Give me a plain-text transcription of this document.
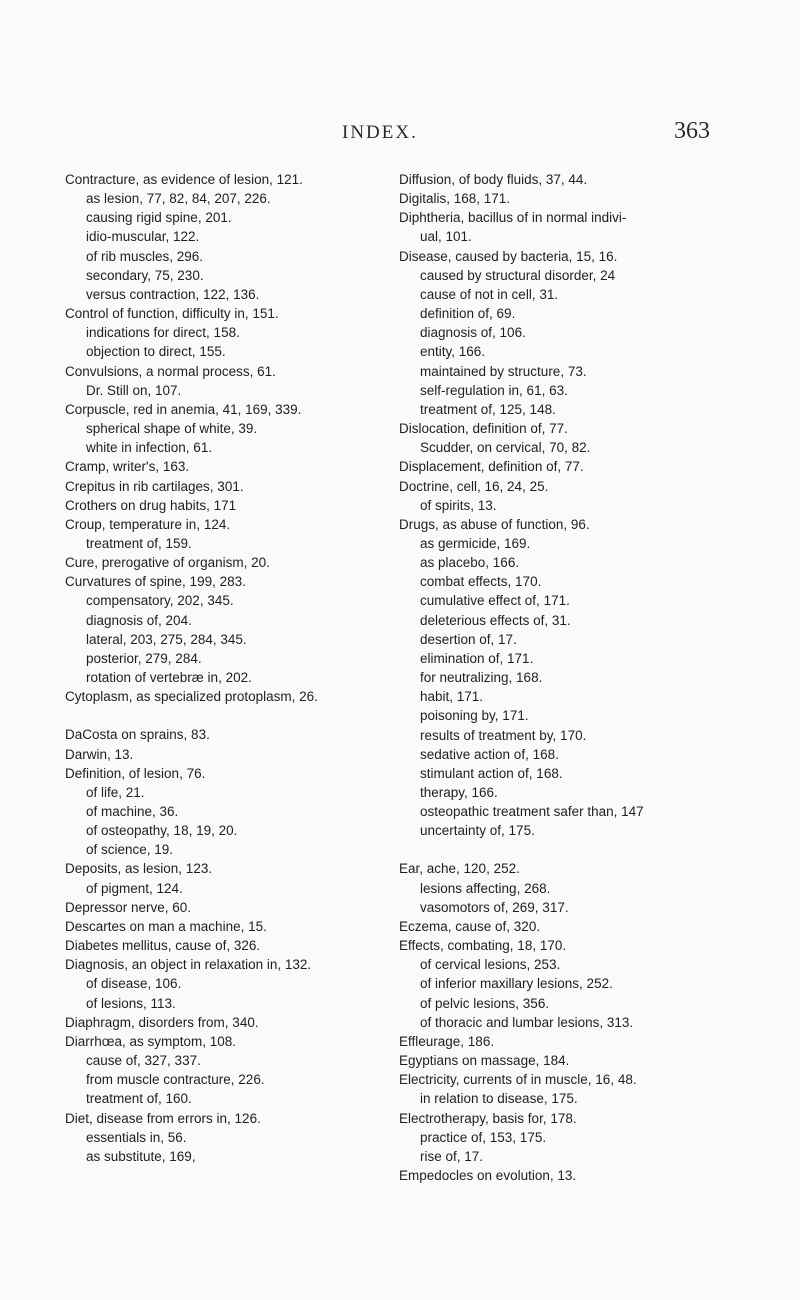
INDEX.	363
Contracture, as evidence of lesion, 121.
as lesion, 77, 82, 84, 207, 226.
causing rigid spine, 201.
idio-muscular, 122.
of rib muscles, 296.
secondary, 75, 230.
versus contraction, 122, 136.
Control of function, difficulty in, 151.
indications for direct, 158.
objection to direct, 155.
Convulsions, a normal process, 61.
Dr. Still on, 107.
Corpuscle, red in anemia, 41, 169, 339.
spherical shape of white, 39.
white in infection, 61.
Cramp, writer's, 163.
Crepitus in rib cartilages, 301.
Crothers on drug habits, 171
Croup, temperature in, 124.
treatment of, 159.
Cure, prerogative of organism, 20.
Curvatures of spine, 199, 283.
compensatory, 202, 345.
diagnosis of, 204.
lateral, 203, 275, 284, 345.
posterior, 279, 284.
rotation of vertebræ in, 202.
Cytoplasm, as specialized protoplasm, 26.
DaCosta on sprains, 83.
Darwin, 13.
Definition, of lesion, 76.
of life, 21.
of machine, 36.
of osteopathy, 18, 19, 20.
of science, 19.
Deposits, as lesion, 123.
of pigment, 124.
Depressor nerve, 60.
Descartes on man a machine, 15.
Diabetes mellitus, cause of, 326.
Diagnosis, an object in relaxation in, 132.
of disease, 106.
of lesions, 113.
Diaphragm, disorders from, 340.
Diarrhœa, as symptom, 108.
cause of, 327, 337.
from muscle contracture, 226.
treatment of, 160.
Diet, disease from errors in, 126.
essentials in, 56.
as substitute, 169,
Diffusion, of body fluids, 37, 44.
Digitalis, 168, 171.
Diphtheria, bacillus of in normal indivi-
ual, 101.
Disease, caused by bacteria, 15, 16.
caused by structural disorder, 24
cause of not in cell, 31.
definition of, 69.
diagnosis of, 106.
entity, 166.
maintained by structure, 73.
self-regulation in, 61, 63.
treatment of, 125, 148.
Dislocation, definition of, 77.
Scudder, on cervical, 70, 82.
Displacement, definition of, 77.
Doctrine, cell, 16, 24, 25.
of spirits, 13.
Drugs, as abuse of function, 96.
as germicide, 169.
as placebo, 166.
combat effects, 170.
cumulative effect of, 171.
deleterious effects of, 31.
desertion of, 17.
elimination of, 171.
for neutralizing, 168.
habit, 171.
poisoning by, 171.
results of treatment by, 170.
sedative action of, 168.
stimulant action of, 168.
therapy, 166.
osteopathic treatment safer than, 147
uncertainty of, 175.
Ear, ache, 120, 252.
lesions affecting, 268.
vasomotors of, 269, 317.
Eczema, cause of, 320.
Effects, combating, 18, 170.
of cervical lesions, 253.
of inferior maxillary lesions, 252.
of pelvic lesions, 356.
of thoracic and lumbar lesions, 313.
Effleurage, 186.
Egyptians on massage, 184.
Electricity, currents of in muscle, 16, 48.
in relation to disease, 175.
Electrotherapy, basis for, 178.
practice of, 153, 175.
rise of, 17.
Empedocles on evolution, 13.
